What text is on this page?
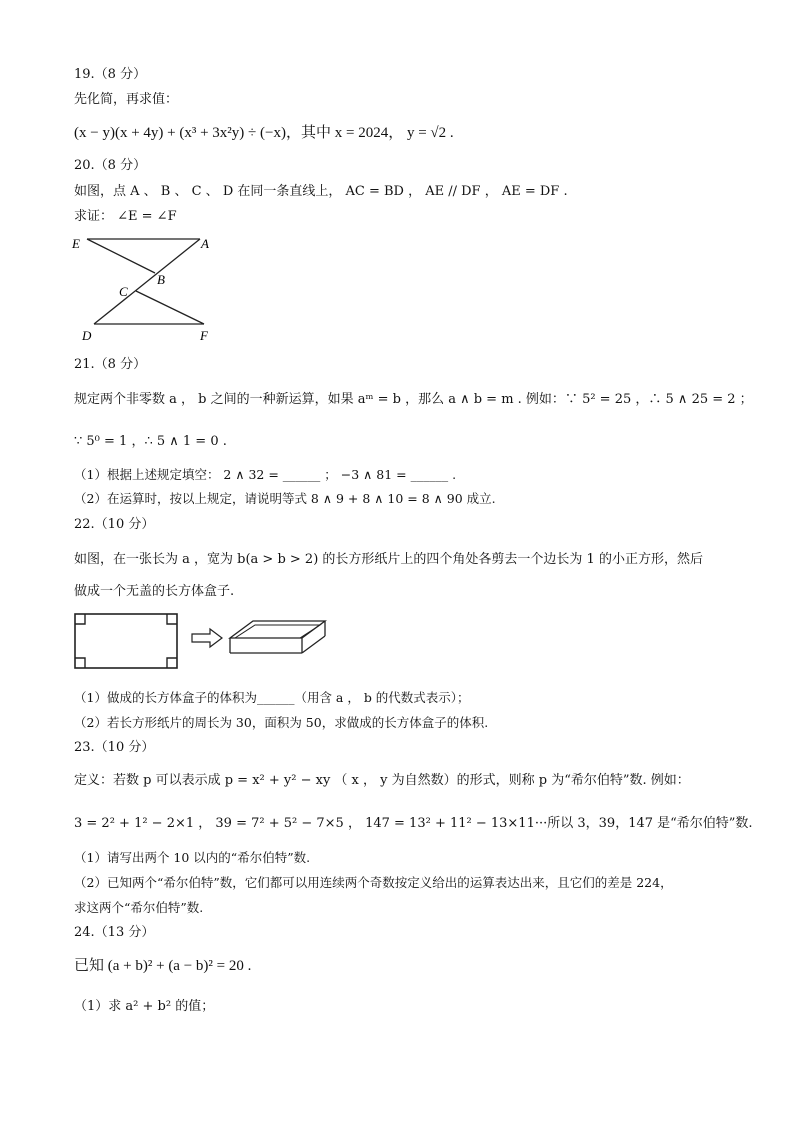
19.（8 分）
先化简，再求值：
(x − y)(x + 4y) + (x³ + 3x²y) ÷ (−x)，其中 x = 2024， y = √2 .
20.（8 分）
如图，点 A 、 B 、 C 、 D 在同一条直线上， AC = BD ， AE // DF ， AE = DF .
求证： ∠E = ∠F
E	A
B
C
D	F
21.（8 分）
规定两个非零数 a ， b 之间的一种新运算，如果 aᵐ = b ，那么 a ∧ b = m . 例如：∵ 5² = 25 ，∴ 5 ∧ 25 = 2 ；
∵ 5⁰ = 1 ，∴ 5 ∧ 1 = 0 .
（1）根据上述规定填空： 2 ∧ 32 = ______ ； −3 ∧ 81 = ______ .
（2）在运算时，按以上规定，请说明等式 8 ∧ 9 + 8 ∧ 10 = 8 ∧ 90 成立.
22.（10 分）
如图，在一张长为 a ，宽为 b(a > b > 2) 的长方形纸片上的四个角处各剪去一个边长为 1 的小正方形，然后
做成一个无盖的长方体盒子.
（1）做成的长方体盒子的体积为______（用含 a ， b 的代数式表示）；
（2）若长方形纸片的周长为 30，面积为 50，求做成的长方体盒子的体积.
23.（10 分）
定义：若数 p 可以表示成 p = x² + y² − xy （ x ， y 为自然数）的形式，则称 p 为“希尔伯特”数. 例如：
3 = 2² + 1² − 2×1 ， 39 = 7² + 5² − 7×5 ， 147 = 13² + 11² − 13×11···所以 3，39，147 是“希尔伯特”数.
（1）请写出两个 10 以内的“希尔伯特”数.
（2）已知两个“希尔伯特”数，它们都可以用连续两个奇数按定义给出的运算表达出来，且它们的差是 224，
求这两个“希尔伯特”数.
24.（13 分）
已知 (a + b)² + (a − b)² = 20 .
（1）求 a² + b² 的值；
